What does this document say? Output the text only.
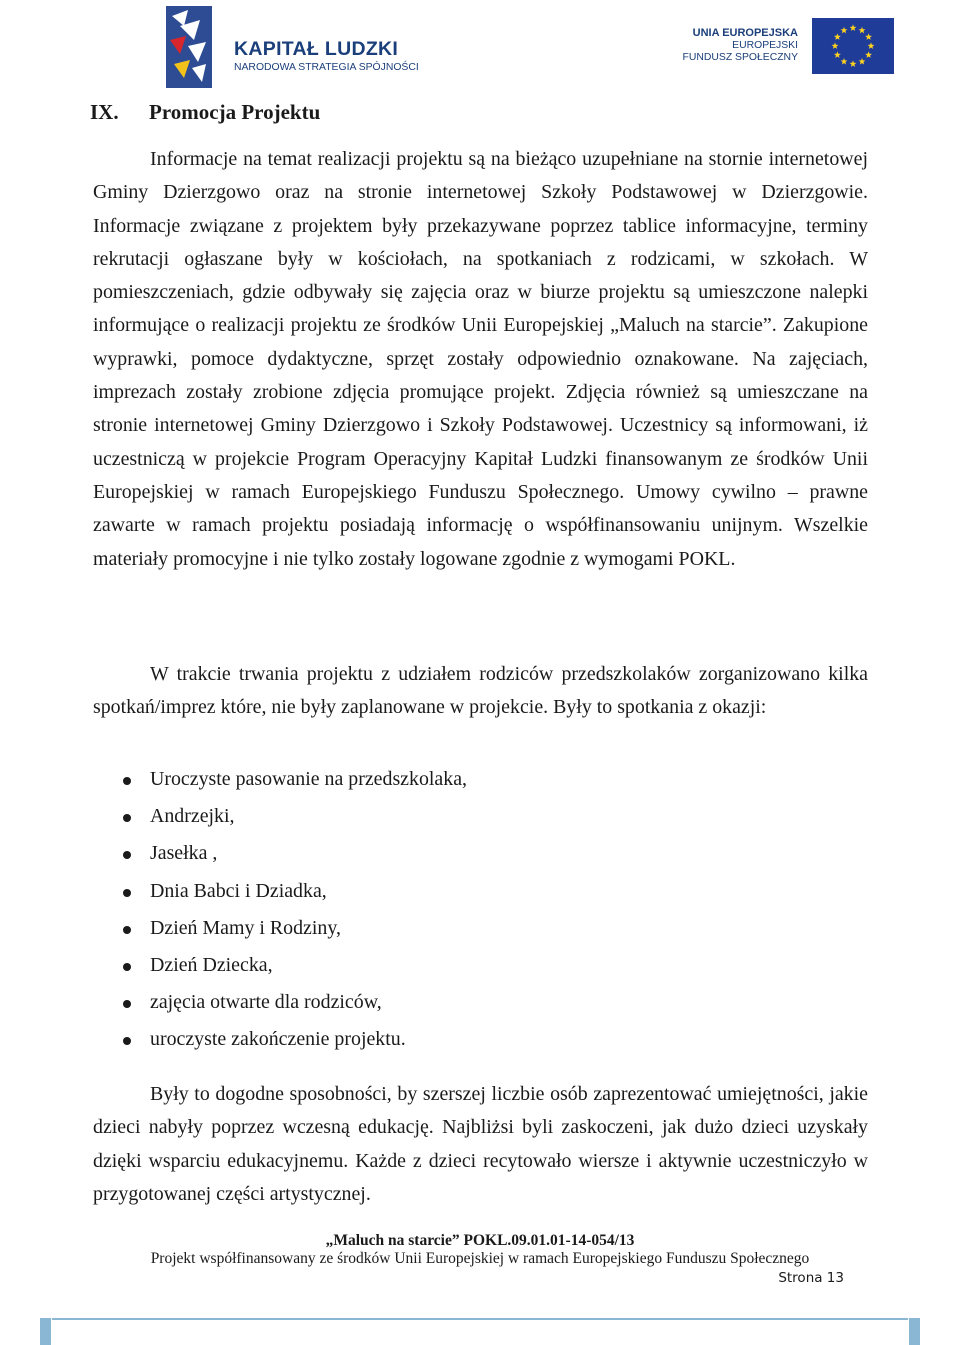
KAPITAŁ LUDZKI
NARODOWA STRATEGIA SPÓJNOŚCI
UNIA EUROPEJSKA
EUROPEJSKI
FUNDUSZ SPOŁECZNY
IX. Promocja Projektu

Informacje na temat realizacji projektu są na bieżąco uzupełniane na stornie internetowej Gminy Dzierzgowo oraz na stronie internetowej Szkoły Podstawowej w Dzierzgowie. Informacje związane z projektem były przekazywane poprzez tablice informacyjne, terminy rekrutacji ogłaszane były w kościołach, na spotkaniach z rodzicami, w szkołach. W pomieszczeniach, gdzie odbywały się zajęcia oraz w biurze projektu są umieszczone nalepki informujące o realizacji projektu ze środków Unii Europejskiej „Maluch na starcie”. Zakupione wyprawki, pomoce dydaktyczne, sprzęt zostały odpowiednio oznakowane. Na zajęciach, imprezach zostały zrobione zdjęcia promujące projekt. Zdjęcia również są umieszczane na stronie internetowej Gminy Dzierzgowo i Szkoły Podstawowej. Uczestnicy są informowani, iż uczestniczą w projekcie Program Operacyjny Kapitał Ludzki finansowanym ze środków Unii Europejskiej w ramach Europejskiego Funduszu Społecznego. Umowy cywilno – prawne zawarte w ramach projektu posiadają informację o współfinansowaniu unijnym. Wszelkie materiały promocyjne i nie tylko zostały logowane zgodnie z wymogami POKL.

W trakcie trwania projektu z udziałem rodziców przedszkolaków zorganizowano kilka spotkań/imprez które, nie były zaplanowane w projekcie. Były to spotkania z okazji:

Uroczyste pasowanie na przedszkolaka,
Andrzejki,
Jasełka ,
Dnia Babci i Dziadka,
Dzień Mamy i Rodziny,
Dzień Dziecka,
zajęcia otwarte dla rodziców,
uroczyste zakończenie projektu.

Były to dogodne sposobności, by szerszej liczbie osób zaprezentować umiejętności, jakie dzieci nabyły poprzez wczesną edukację. Najbliżsi byli zaskoczeni, jak dużo dzieci uzyskały dzięki wsparciu edukacyjnemu. Każde z dzieci recytowało wiersze i aktywnie uczestniczyło w przygotowanej części artystycznej.

„Maluch na starcie” POKL.09.01.01-14-054/13
Projekt współfinansowany ze środków Unii Europejskiej w ramach Europejskiego Funduszu Społecznego
Strona 13
